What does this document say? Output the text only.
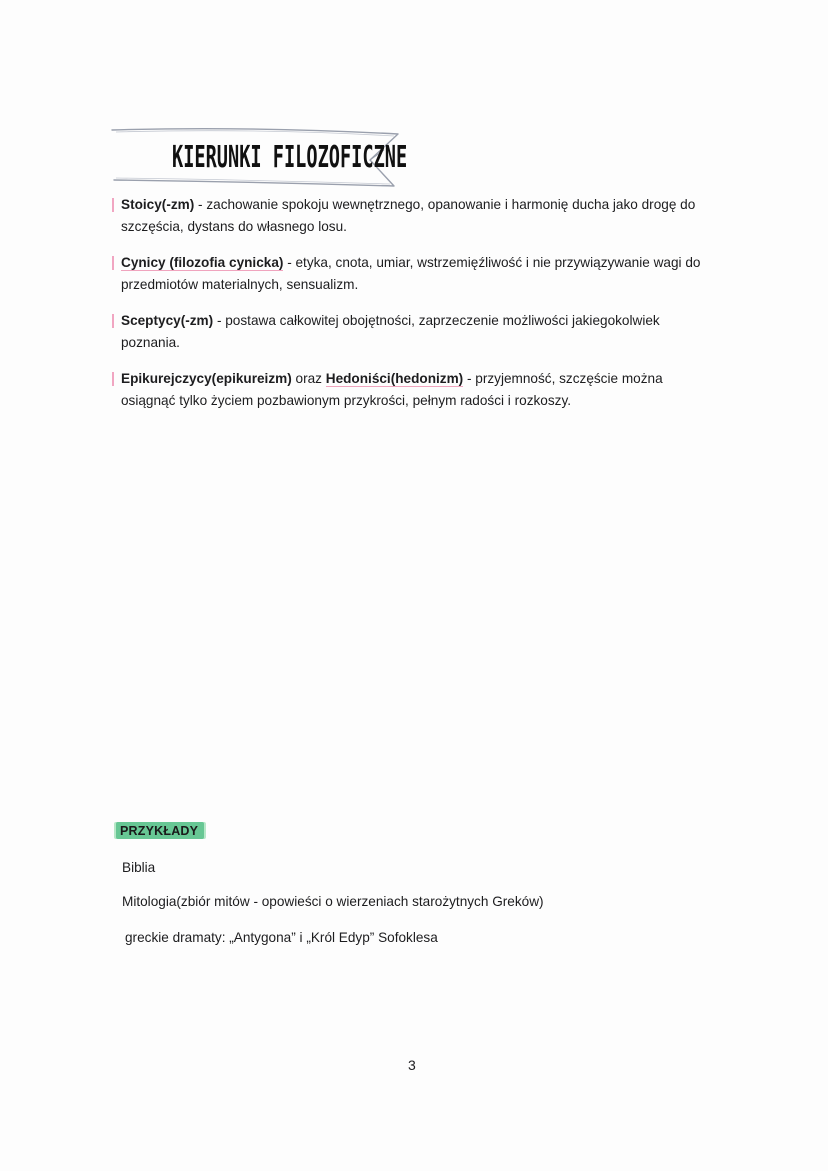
KIERUNKI FILOZOFICZNE
Stoicy(-zm) - zachowanie spokoju wewnętrznego, opanowanie i harmonię ducha jako drogę do szczęścia, dystans do własnego losu.
Cynicy (filozofia cynicka) - etyka, cnota, umiar, wstrzemięźliwość i nie przywiązywanie wagi do przedmiotów materialnych, sensualizm.
Sceptycy(-zm) - postawa całkowitej obojętności, zaprzeczenie możliwości jakiegokolwiek poznania.
Epikurejczycy(epikureizm) oraz Hedoniści(hedonizm) - przyjemność, szczęście można osiągnąć tylko życiem pozbawionym przykrości, pełnym radości i rozkoszy.
PRZYKŁADY
Biblia
Mitologia(zbiór mitów - opowieści o wierzeniach starożytnych Greków)
greckie dramaty: „Antygona” i „Król Edyp” Sofoklesa
3
